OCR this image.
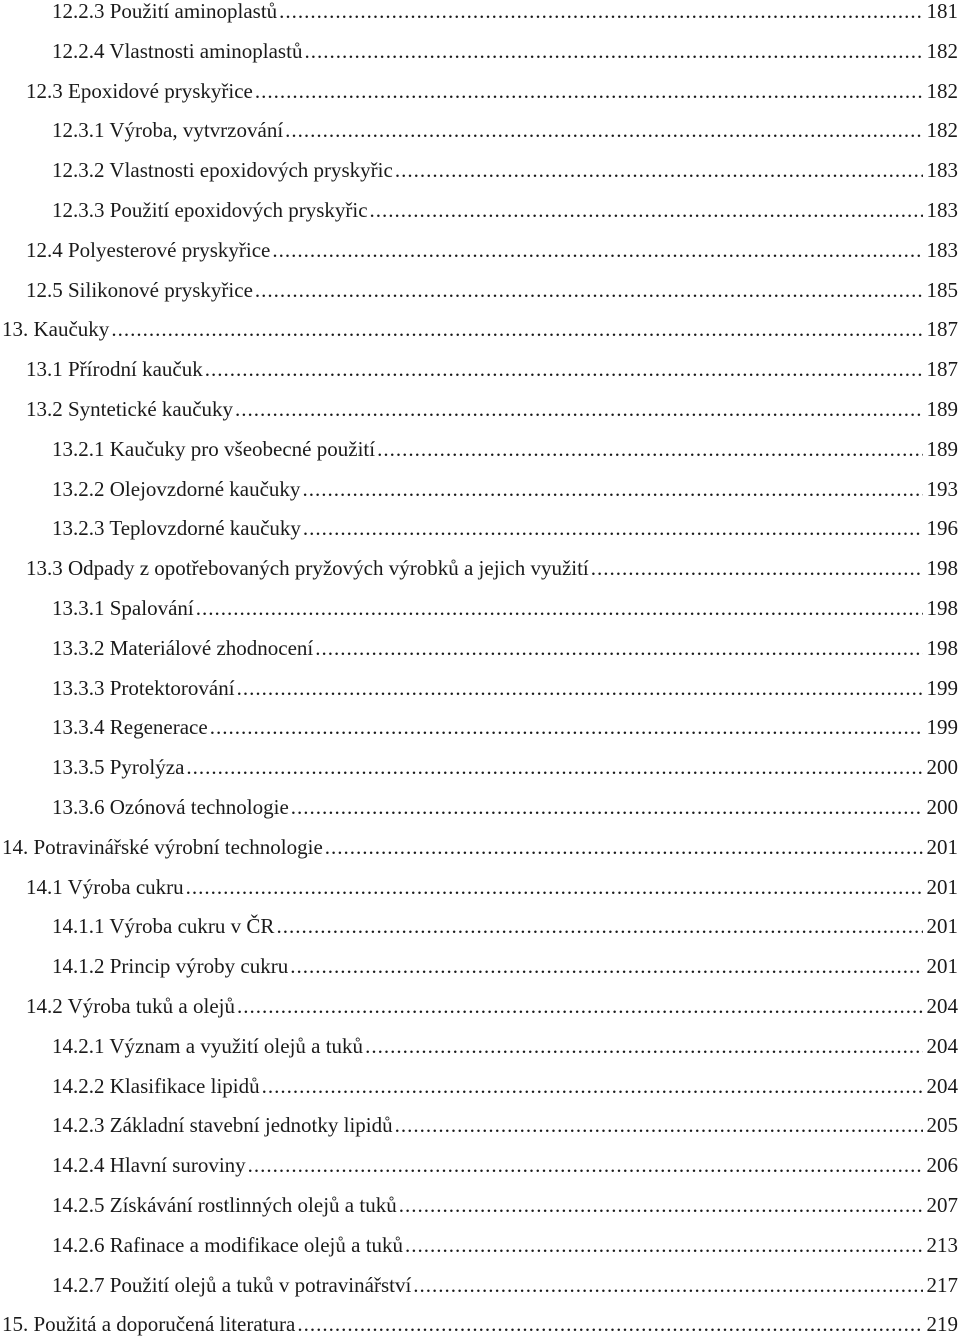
12.2.3 Použití aminoplastů .....	181
12.2.4 Vlastnosti aminoplastů .....	182
12.3 Epoxidové pryskyřice .....	182
12.3.1 Výroba, vytvrzování .....	182
12.3.2 Vlastnosti epoxidových pryskyřic .....	183
12.3.3 Použití epoxidových pryskyřic .....	183
12.4 Polyesterové pryskyřice .....	183
12.5 Silikonové pryskyřice .....	185
13. Kaučuky .....	187
13.1 Přírodní kaučuk .....	187
13.2 Syntetické kaučuky .....	189
13.2.1 Kaučuky pro všeobecné použití .....	189
13.2.2 Olejovzdorné kaučuky .....	193
13.2.3 Teplovzdorné kaučuky .....	196
13.3 Odpady z opotřebovaných pryžových výrobků a jejich využití .....	198
13.3.1 Spalování .....	198
13.3.2 Materiálové zhodnocení .....	198
13.3.3 Protektorování .....	199
13.3.4 Regenerace .....	199
13.3.5 Pyrolýza .....	200
13.3.6 Ozónová technologie .....	200
14. Potravinářské výrobní technologie .....	201
14.1 Výroba cukru .....	201
14.1.1 Výroba cukru v ČR .....	201
14.1.2 Princip výroby cukru .....	201
14.2 Výroba tuků a olejů .....	204
14.2.1 Význam a využití olejů a tuků .....	204
14.2.2 Klasifikace lipidů .....	204
14.2.3 Základní stavební jednotky lipidů .....	205
14.2.4 Hlavní suroviny .....	206
14.2.5 Získávání rostlinných olejů a tuků .....	207
14.2.6 Rafinace a modifikace olejů a tuků .....	213
14.2.7 Použití olejů a tuků v potravinářství .....	217
15. Použitá a doporučená literatura .....	219
